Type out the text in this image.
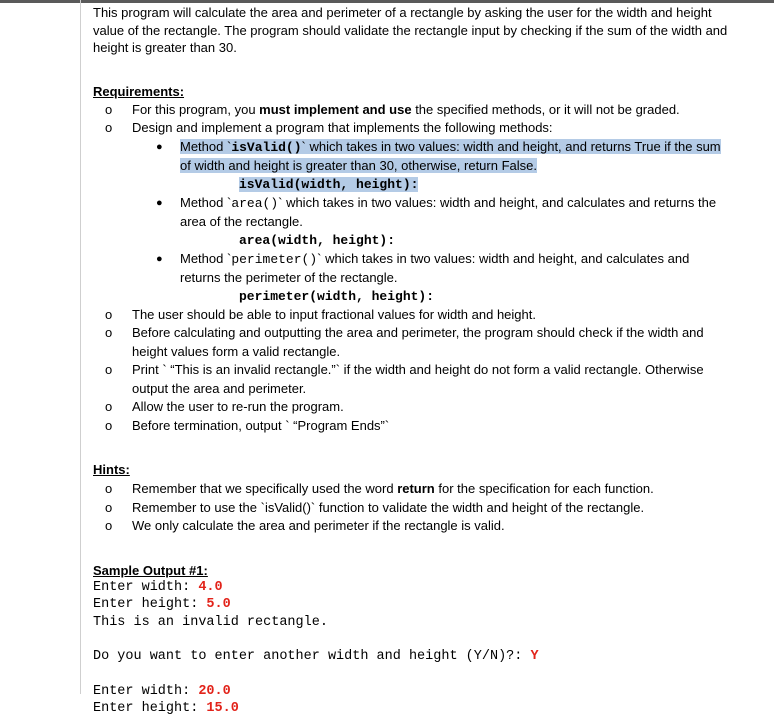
This program will calculate the area and perimeter of a rectangle by asking the user for the width and height value of the rectangle. The program should validate the rectangle input by checking if the sum of the width and height is greater than 30.

Requirements:

o For this program, you must implement and use the specified methods, or it will not be graded.
o Design and implement a program that implements the following methods:
● Method `isValid()` which takes in two values: width and height, and returns True if the sum of width and height is greater than 30, otherwise, return False.
isValid(width, height):
● Method `area()` which takes in two values: width and height, and calculates and returns the area of the rectangle.
area(width, height):
● Method `perimeter()` which takes in two values: width and height, and calculates and returns the perimeter of the rectangle.
perimeter(width, height):
o The user should be able to input fractional values for width and height.
o Before calculating and outputting the area and perimeter, the program should check if the width and height values form a valid rectangle.
o Print ` “This is an invalid rectangle.”` if the width and height do not form a valid rectangle. Otherwise output the area and perimeter.
o Allow the user to re-run the program.
o Before termination, output ` “Program Ends”`

Hints:

o Remember that we specifically used the word return for the specification for each function.
o Remember to use the `isValid()` function to validate the width and height of the rectangle.
o We only calculate the area and perimeter if the rectangle is valid.

Sample Output #1:

Enter width: 4.0

Enter height: 5.0

This is an invalid rectangle.

Do you want to enter another width and height (Y/N)?: Y

Enter width: 20.0

Enter height: 15.0
